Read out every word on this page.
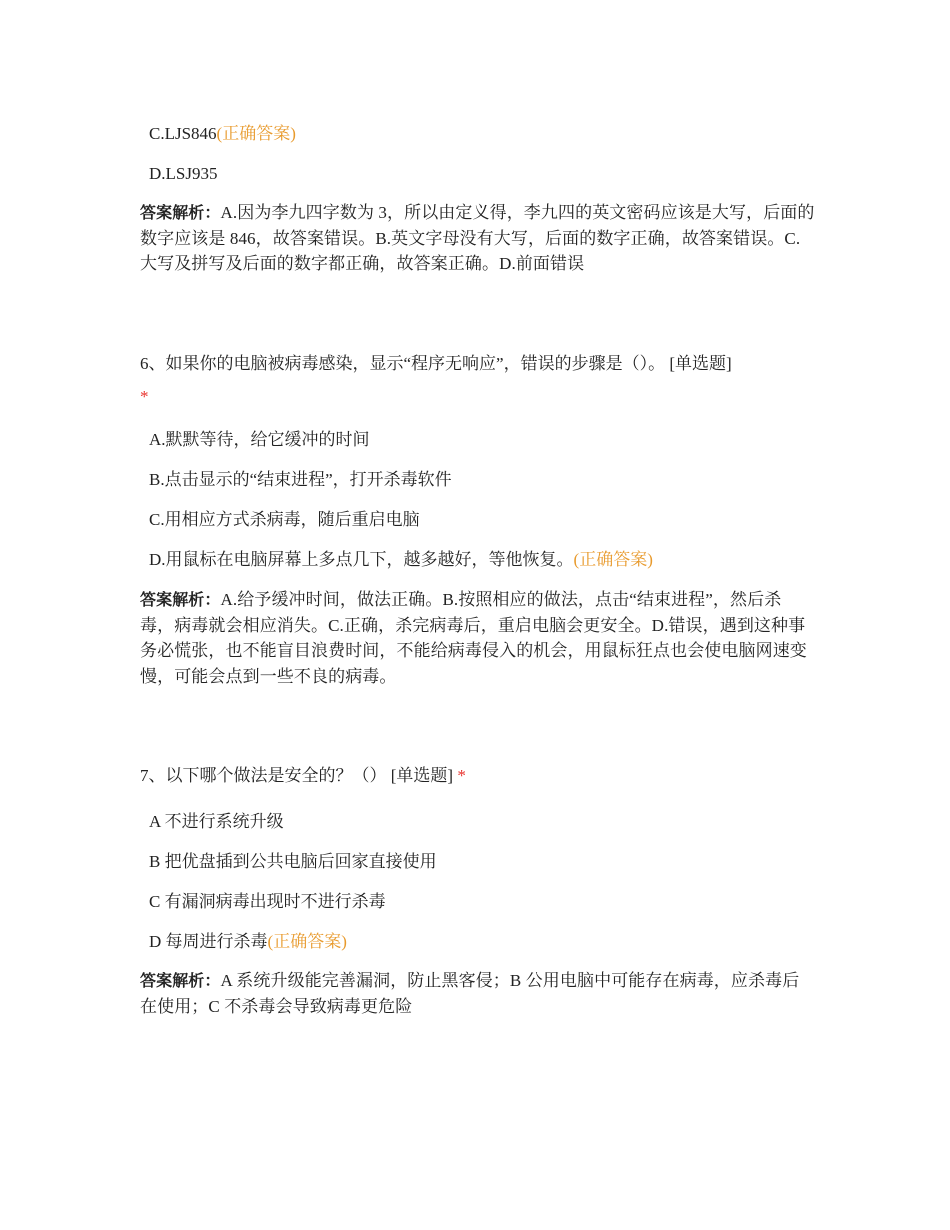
C.LJS846(正确答案)
D.LSJ935
答案解析：A.因为李九四字数为 3，所以由定义得，李九四的英文密码应该是大写，后面的数字应该是 846，故答案错误。B.英文字母没有大写，后面的数字正确，故答案错误。C.大写及拼写及后面的数字都正确，故答案正确。D.前面错误
6、如果你的电脑被病毒感染，显示“程序无响应”，错误的步骤是（）。 [单选题]
*
A.默默等待，给它缓冲的时间
B.点击显示的“结束进程”，打开杀毒软件
C.用相应方式杀病毒，随后重启电脑
D.用鼠标在电脑屏幕上多点几下，越多越好，等他恢复。(正确答案)
答案解析：A.给予缓冲时间，做法正确。B.按照相应的做法，点击“结束进程”，然后杀毒，病毒就会相应消失。C.正确，杀完病毒后，重启电脑会更安全。D.错误，遇到这种事务必慌张，也不能盲目浪费时间，不能给病毒侵入的机会，用鼠标狂点也会使电脑网速变慢，可能会点到一些不良的病毒。
7、以下哪个做法是安全的？（） [单选题] *
A 不进行系统升级
B 把优盘插到公共电脑后回家直接使用
C 有漏洞病毒出现时不进行杀毒
D 每周进行杀毒(正确答案)
答案解析：A 系统升级能完善漏洞，防止黑客侵；B 公用电脑中可能存在病毒，应杀毒后在使用；C 不杀毒会导致病毒更危险
